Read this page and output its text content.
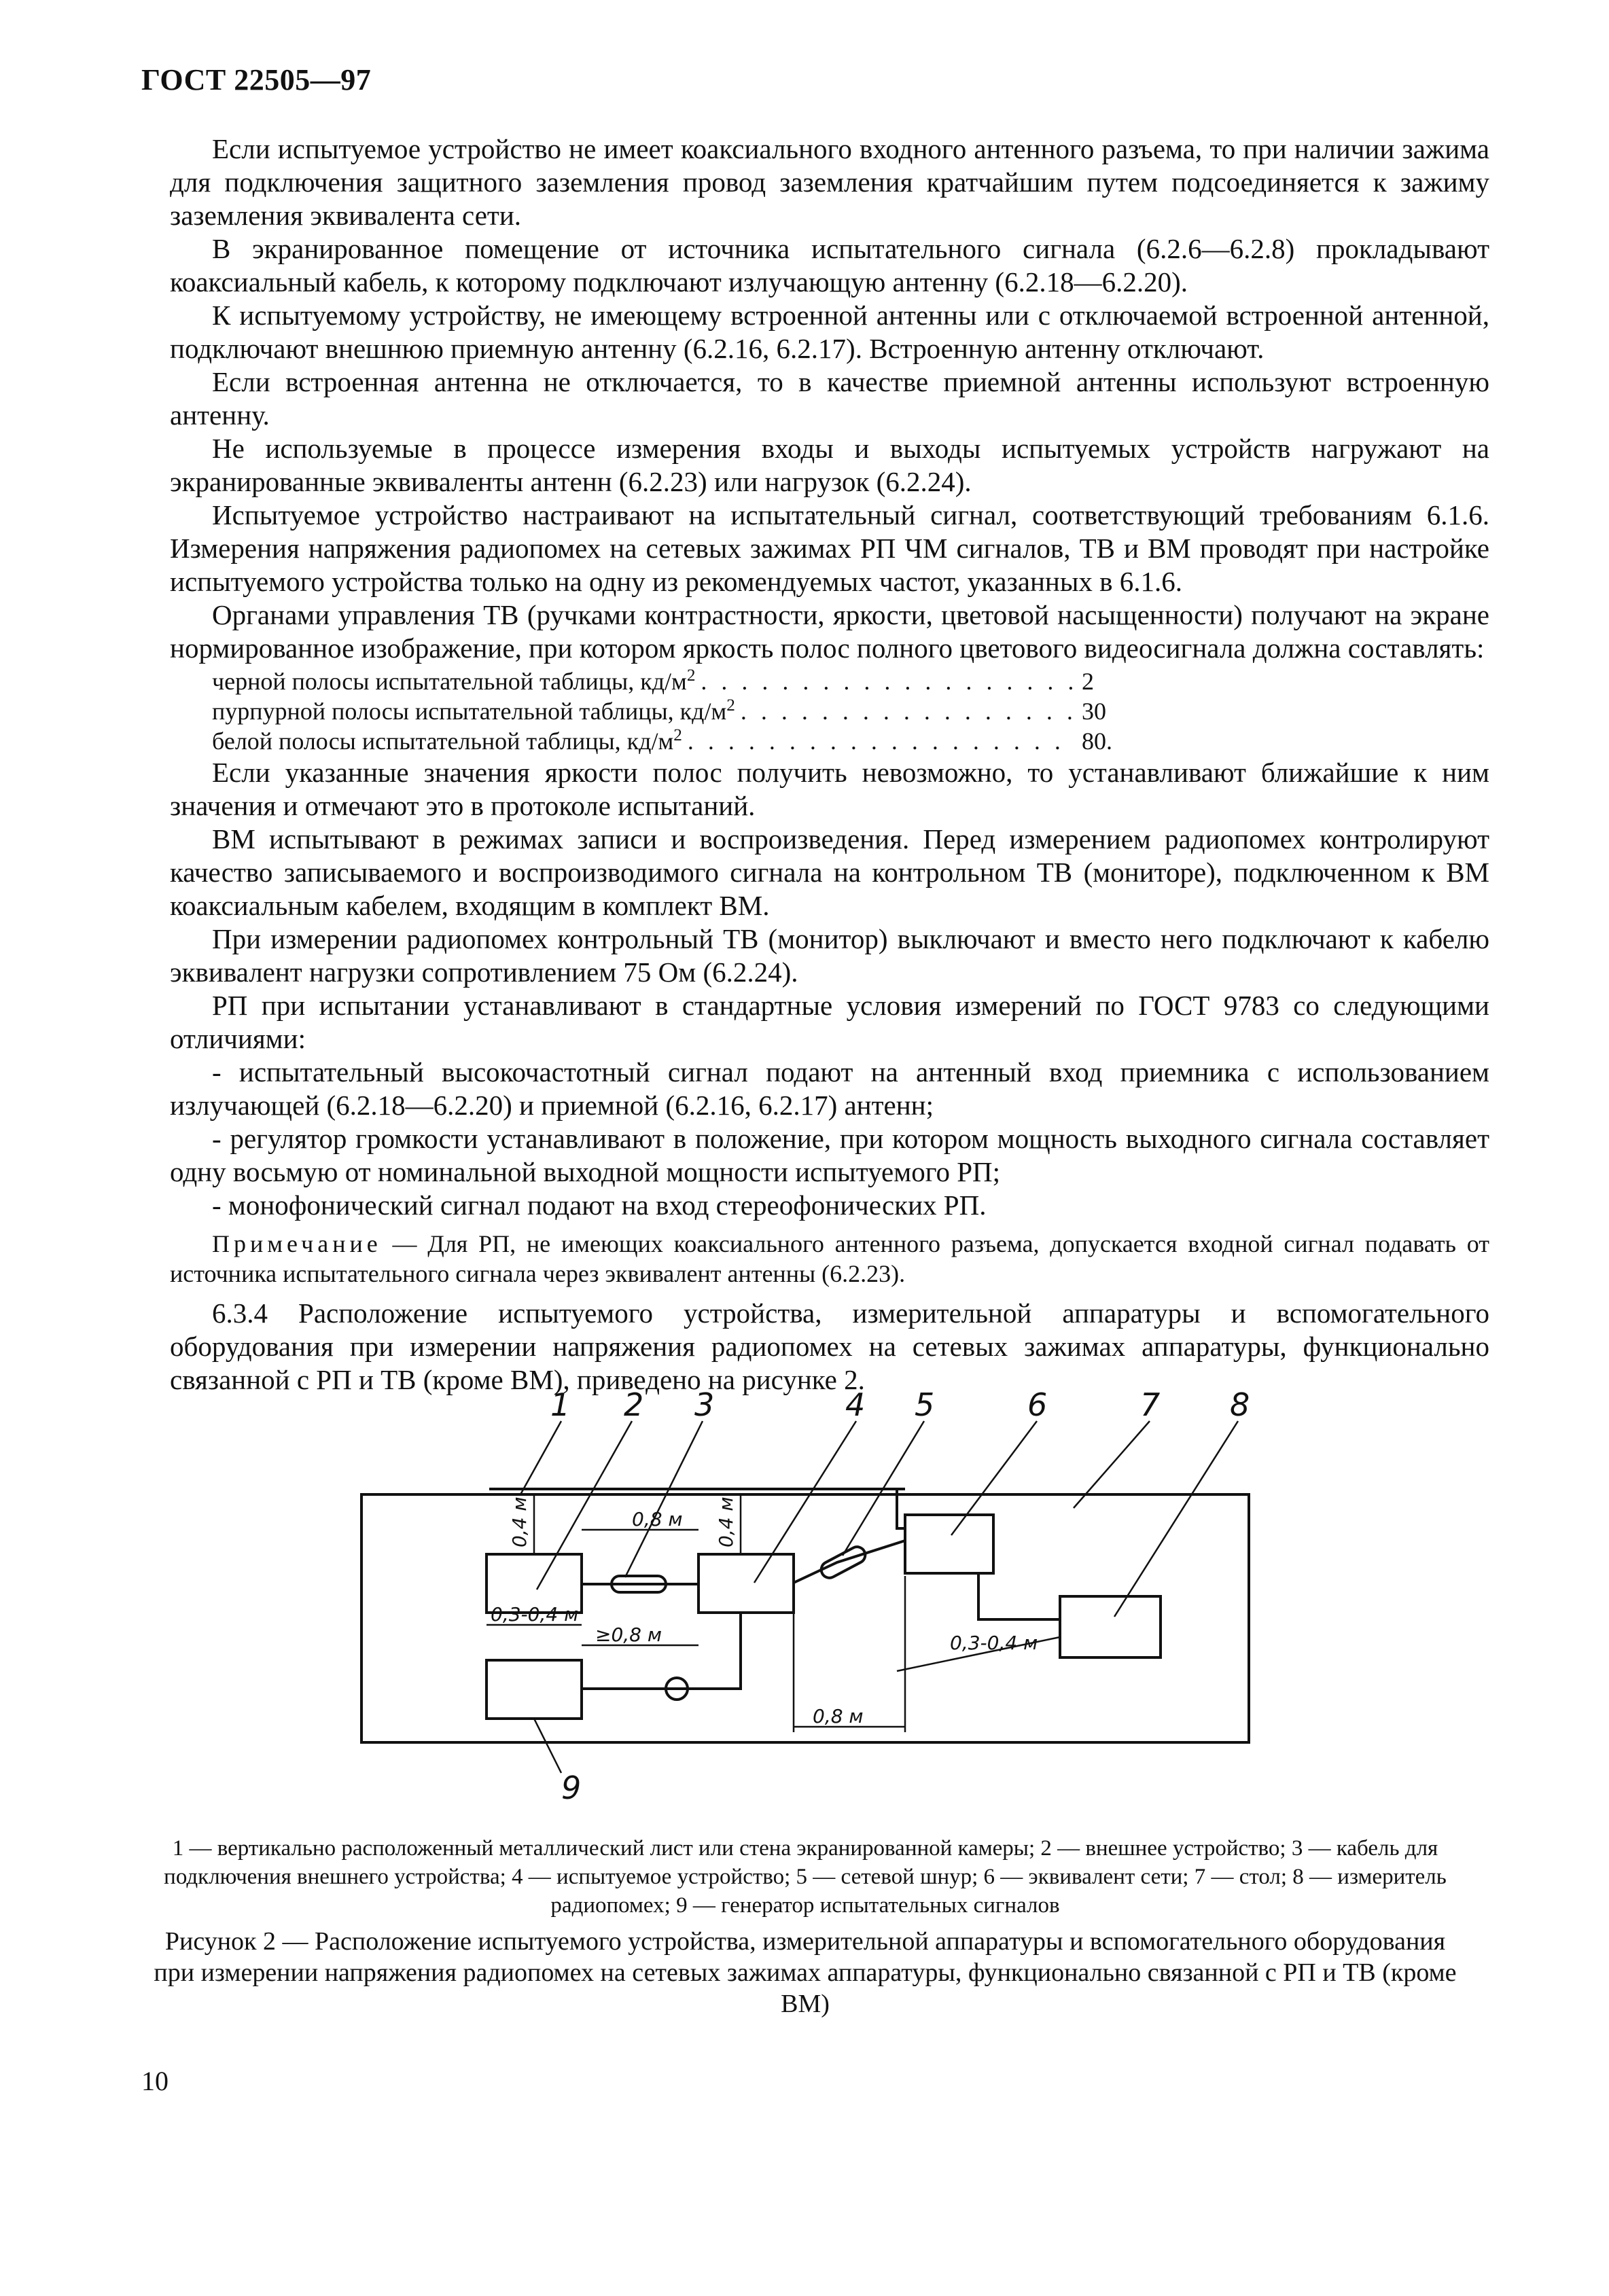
ГОСТ 22505—97

Если испытуемое устройство не имеет коаксиального входного антенного разъема, то при наличии зажима для подключения защитного заземления провод заземления кратчайшим путем подсоединяется к зажиму заземления эквивалента сети.

В экранированное помещение от источника испытательного сигнала (6.2.6—6.2.8) прокладывают коаксиальный кабель, к которому подключают излучающую антенну (6.2.18—6.2.20).

К испытуемому устройству, не имеющему встроенной антенны или с отключаемой встроенной антенной, подключают внешнюю приемную антенну (6.2.16, 6.2.17). Встроенную антенну отключают.

Если встроенная антенна не отключается, то в качестве приемной антенны используют встроенную антенну.

Не используемые в процессе измерения входы и выходы испытуемых устройств нагружают на экранированные эквиваленты антенн (6.2.23) или нагрузок (6.2.24).

Испытуемое устройство настраивают на испытательный сигнал, соответствующий требованиям 6.1.6. Измерения напряжения радиопомех на сетевых зажимах РП ЧМ сигналов, ТВ и ВМ проводят при настройке испытуемого устройства только на одну из рекомендуемых частот, указанных в 6.1.6.

Органами управления ТВ (ручками контрастности, яркости, цветовой насыщенности) получают на экране нормированное изображение, при котором яркость полос полного цветового видеосигнала должна составлять:

черной полосы испытательной таблицы, $кд/м^2$ . . .	2
пурпурной полосы испытательной таблицы, $кд/м^2$ . . .	30
белой полосы испытательной таблицы, $кд/м^2$ . . .	80.

Если указанные значения яркости полос получить невозможно, то устанавливают ближайшие к ним значения и отмечают это в протоколе испытаний.

ВМ испытывают в режимах записи и воспроизведения. Перед измерением радиопомех контролируют качество записываемого и воспроизводимого сигнала на контрольном ТВ (мониторе), подключенном к ВМ коаксиальным кабелем, входящим в комплект ВМ.

При измерении радиопомех контрольный ТВ (монитор) выключают и вместо него подключают к кабелю эквивалент нагрузки сопротивлением 75 Ом (6.2.24).

РП при испытании устанавливают в стандартные условия измерений по ГОСТ 9783 со следующими отличиями:

- испытательный высокочастотный сигнал подают на антенный вход приемника с использованием излучающей (6.2.18—6.2.20) и приемной (6.2.16, 6.2.17) антенн;

- регулятор громкости устанавливают в положение, при котором мощность выходного сигнала составляет одну восьмую от номинальной выходной мощности испытуемого РП;

- монофонический сигнал подают на вход стереофонических РП.

Примечание — Для РП, не имеющих коаксиального антенного разъема, допускается входной сигнал подавать от источника испытательного сигнала через эквивалент антенны (6.2.23).

6.3.4 Расположение испытуемого устройства, измерительной аппаратуры и вспомогательного оборудования при измерении напряжения радиопомех на сетевых зажимах аппаратуры, функционально связанной с РП и ТВ (кроме ВМ), приведено на рисунке 2.

1 2 3	4 5	6	7 8
9
0,4 м	0,4 м
0,8 м
0,3-0,4 м
≥0,8 м	0,3-0,4 м
0,8 м
1 — вертикально расположенный металлический лист или стена экранированной камеры; 2 — внешнее устройство; 3 — кабель для подключения внешнего устройства; 4 — испытуемое устройство; 5 — сетевой шнур; 6 — эквивалент сети; 7 — стол; 8 — измеритель радиопомех; 9 — генератор испытательных сигналов
Рисунок 2 — Расположение испытуемого устройства, измерительной аппаратуры и вспомогательного оборудования при измерении напряжения радиопомех на сетевых зажимах аппаратуры, функционально связанной с РП и ТВ (кроме ВМ)
10
